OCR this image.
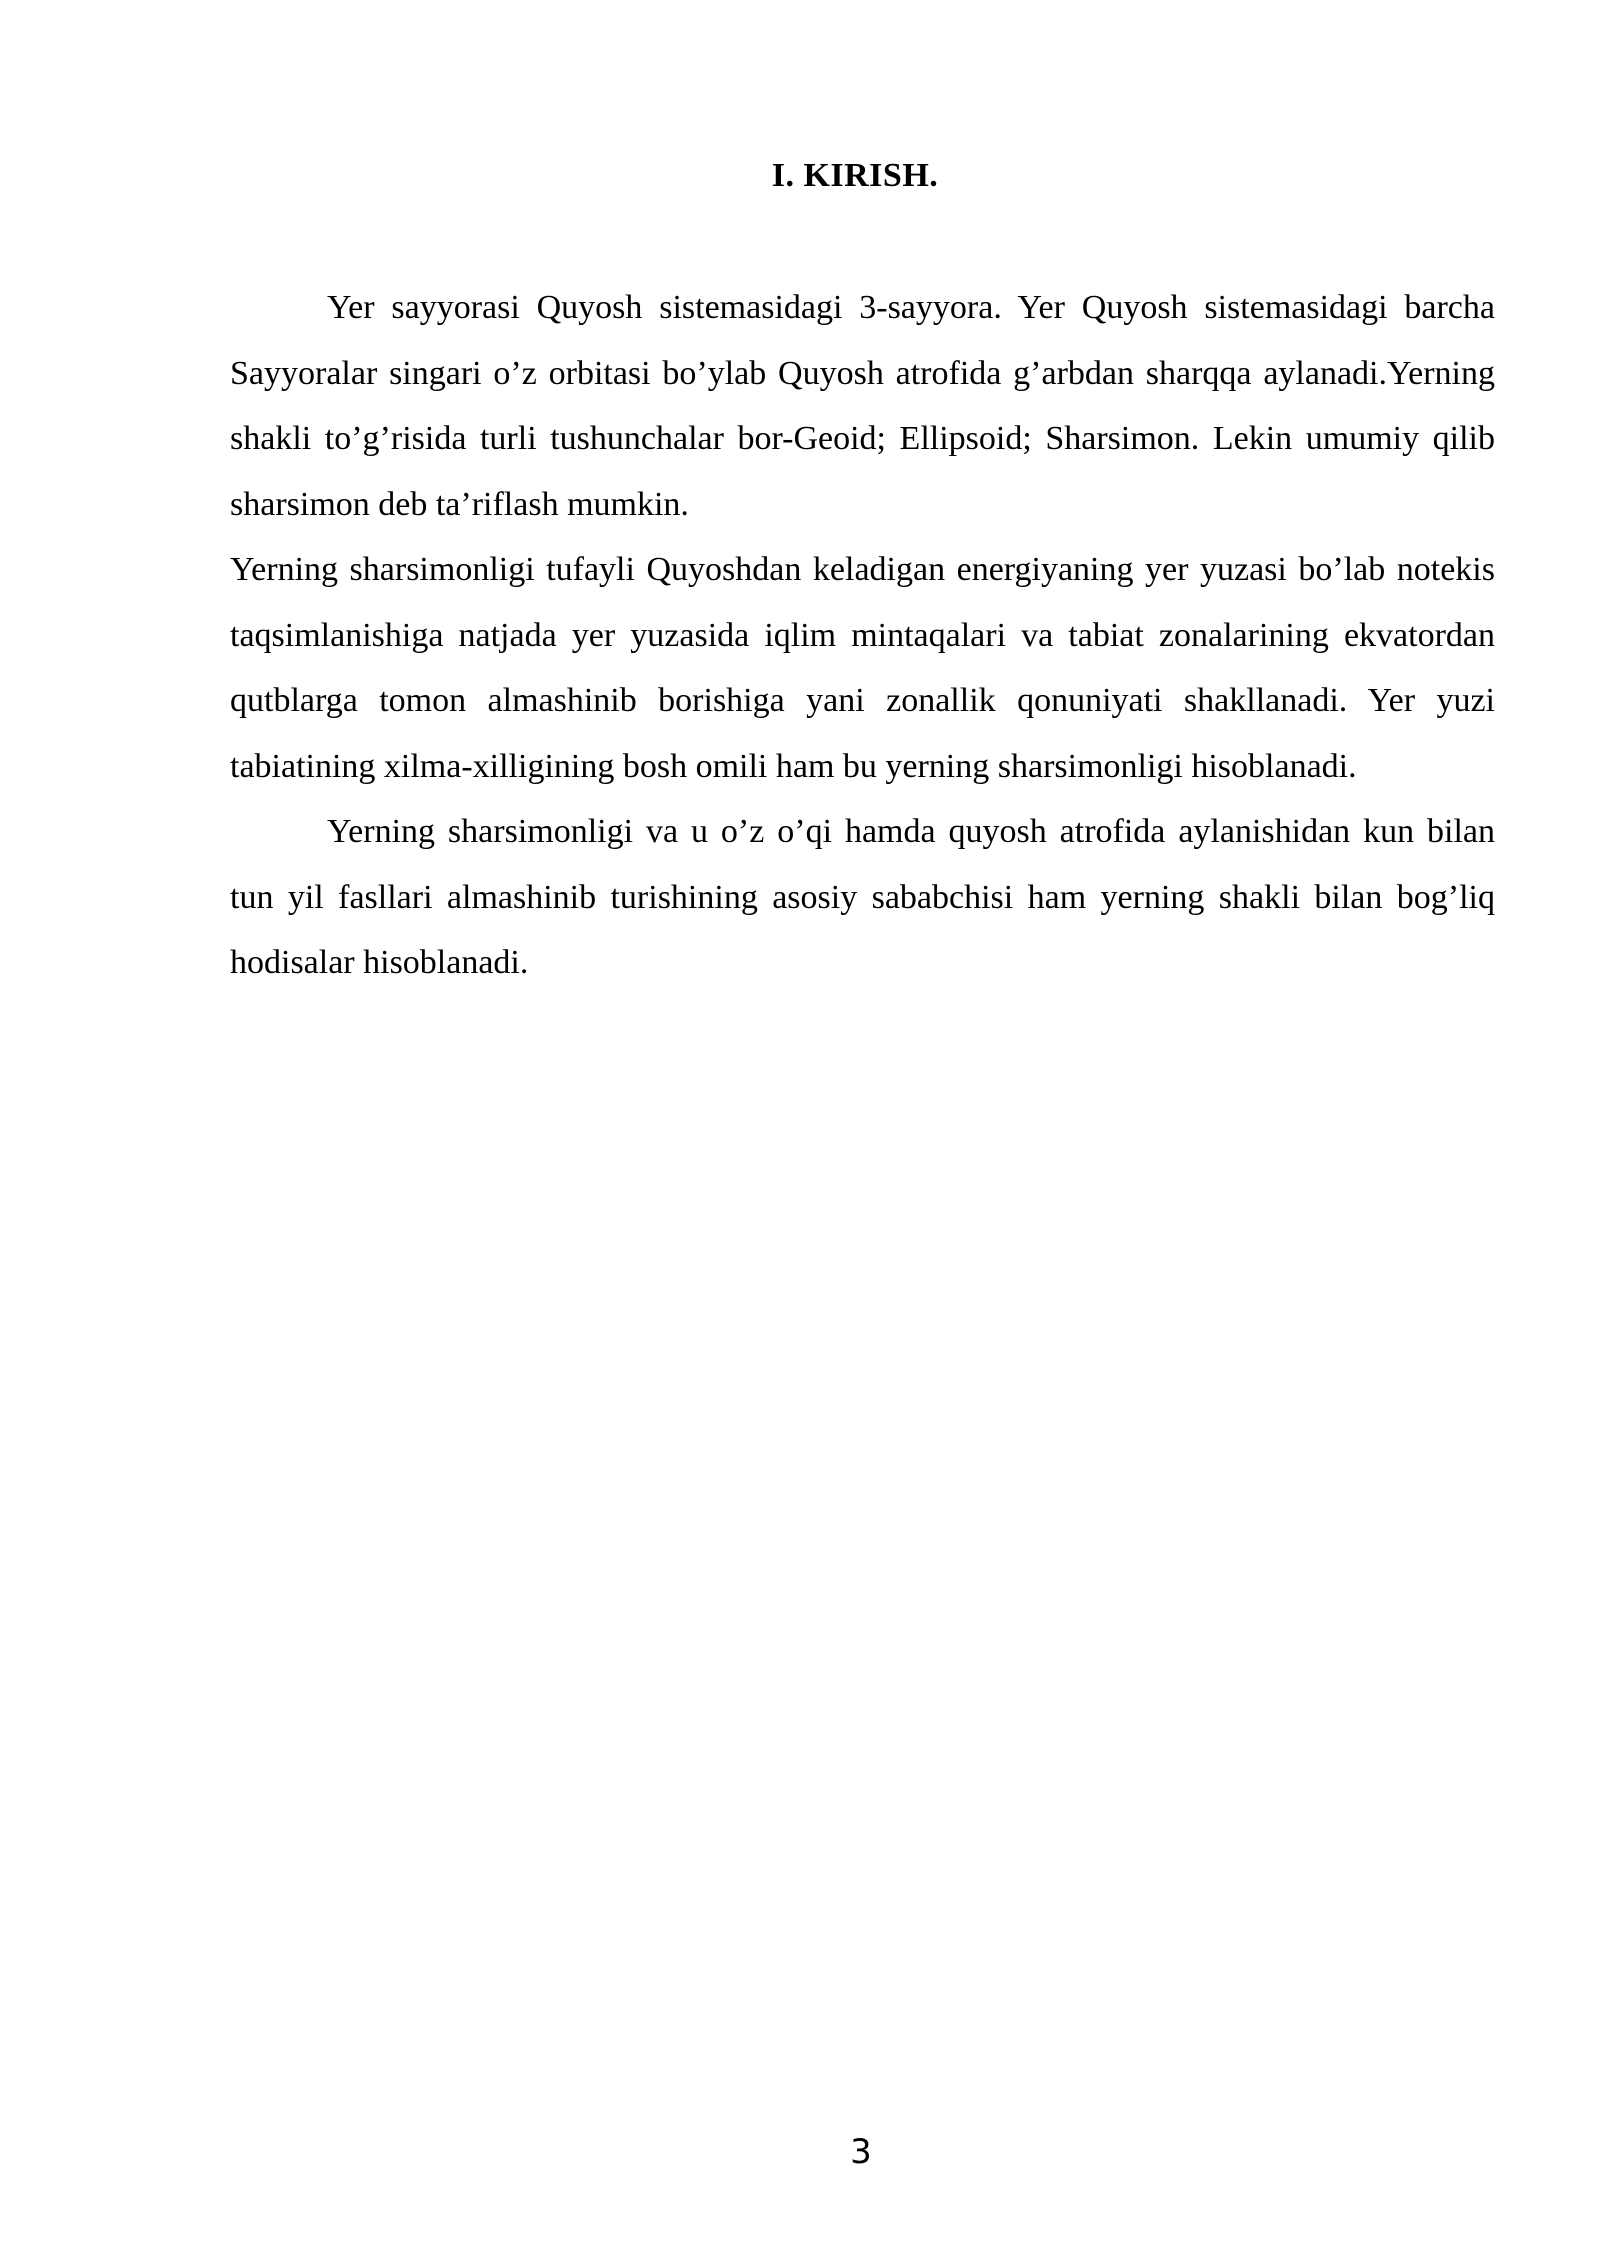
I. KIRISH.

Yer sayyorasi Quyosh sistemasidagi 3-sayyora. Yer Quyosh sistemasidagi barcha Sayyoralar singari o’z orbitasi bo’ylab Quyosh atrofida g’arbdan sharqqa aylanadi.Yerning shakli to’g’risida turli tushunchalar bor-Geoid; Ellipsoid; Sharsimon. Lekin umumiy qilib sharsimon deb ta’riflash mumkin.

Yerning sharsimonligi tufayli Quyoshdan keladigan energiyaning yer yuzasi bo’lab notekis taqsimlanishiga natjada yer yuzasida iqlim mintaqalari va tabiat zonalarining ekvatordan qutblarga tomon almashinib borishiga yani zonallik qonuniyati shakllanadi. Yer yuzi tabiatining xilma-xilligining bosh omili ham bu yerning sharsimonligi hisoblanadi.

Yerning sharsimonligi va u o’z o’qi hamda quyosh atrofida aylanishidan kun bilan tun yil fasllari almashinib turishining asosiy sababchisi ham yerning shakli bilan bog’liq hodisalar hisoblanadi.

3
